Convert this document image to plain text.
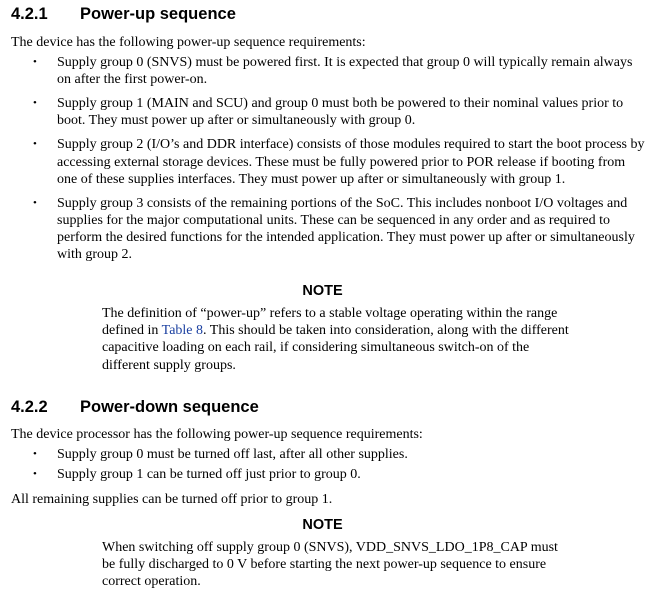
4.2.1 Power-up sequence
The device has the following power-up sequence requirements:
• Supply group 0 (SNVS) must be powered first. It is expected that group 0 will typically remain always on after the first power-on.
• Supply group 1 (MAIN and SCU) and group 0 must both be powered to their nominal values prior to boot. They must power up after or simultaneously with group 0.
• Supply group 2 (I/O’s and DDR interface) consists of those modules required to start the boot process by accessing external storage devices. These must be fully powered prior to POR release if booting from one of these supplies interfaces. They must power up after or simultaneously with group 1.
• Supply group 3 consists of the remaining portions of the SoC. This includes nonboot I/O voltages and supplies for the major computational units. These can be sequenced in any order and as required to perform the desired functions for the intended application. They must power up after or simultaneously with group 2.
NOTE
The definition of “power-up” refers to a stable voltage operating within the range defined in Table 8. This should be taken into consideration, along with the different capacitive loading on each rail, if considering simultaneous switch-on of the different supply groups.
4.2.2 Power-down sequence
The device processor has the following power-up sequence requirements:
• Supply group 0 must be turned off last, after all other supplies.
• Supply group 1 can be turned off just prior to group 0.
All remaining supplies can be turned off prior to group 1.
NOTE
When switching off supply group 0 (SNVS), VDD_SNVS_LDO_1P8_CAP must be fully discharged to 0 V before starting the next power-up sequence to ensure correct operation.
